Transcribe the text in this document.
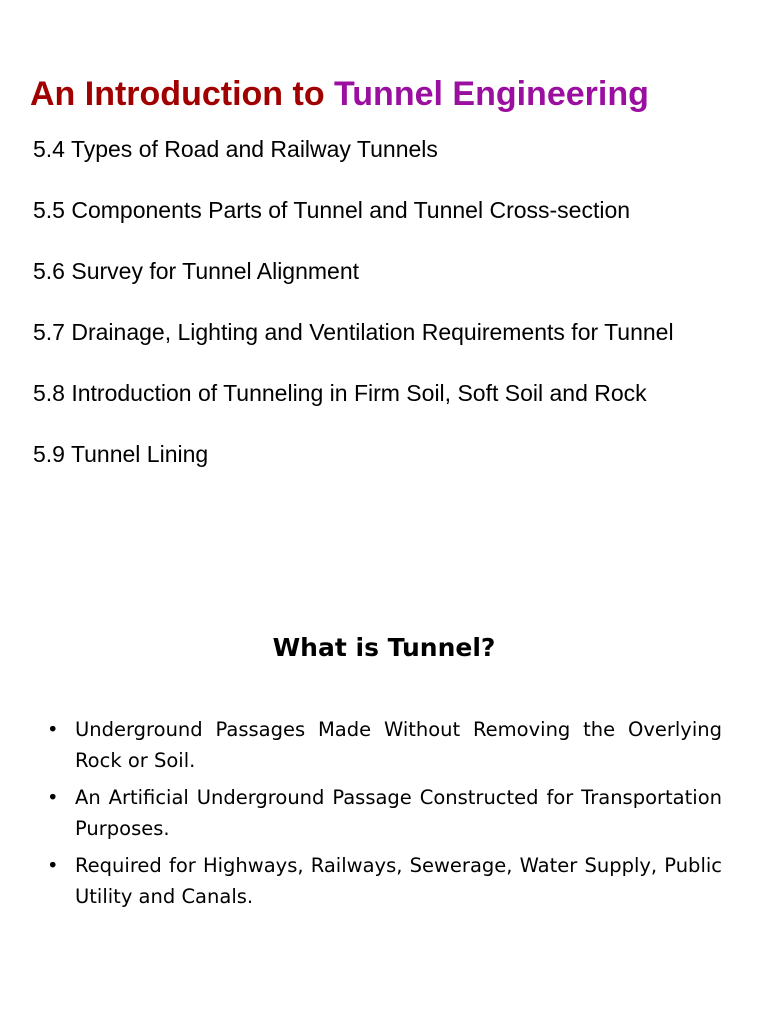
An Introduction to Tunnel Engineering
5.4 Types of Road and Railway Tunnels
5.5 Components Parts of Tunnel and Tunnel Cross-section
5.6 Survey for Tunnel Alignment
5.7 Drainage, Lighting and Ventilation Requirements for Tunnel
5.8 Introduction of Tunneling in Firm Soil, Soft Soil and Rock
5.9 Tunnel Lining
What is Tunnel?
• Underground Passages Made Without Removing the Overlying Rock or Soil.
• An Artificial Underground Passage Constructed for Transportation Purposes.
• Required for Highways, Railways, Sewerage, Water Supply, Public Utility and Canals.
